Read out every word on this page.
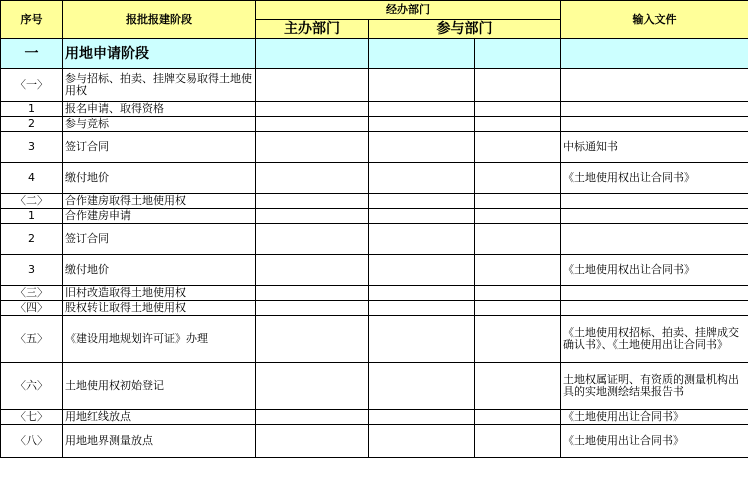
序号	报批报建阶段	经办部门			输入文件
		主办部门	参与部门		
一	用地申请阶段				
〈一〉	参与招标、拍卖、挂牌交易取得土地使用权				
1	报名申请、取得资格				
2	参与竞标				
3	签订合同				中标通知书
4	缴付地价				《土地使用权出让合同书》
〈二〉	合作建房取得土地使用权				
1	合作建房申请				
2	签订合同				
3	缴付地价				《土地使用权出让合同书》
〈三〉	旧村改造取得土地使用权				
〈四〉	股权转让取得土地使用权				
〈五〉	《建设用地规划许可证》办理				《土地使用权招标、拍卖、挂牌成交确认书》、《土地使用出让合同书》
〈六〉	土地使用权初始登记				土地权属证明、有资质的测量机构出具的实地测绘结果报告书
〈七〉	用地红线放点				《土地使用出让合同书》
〈八〉	用地地界测量放点				《土地使用出让合同书》
